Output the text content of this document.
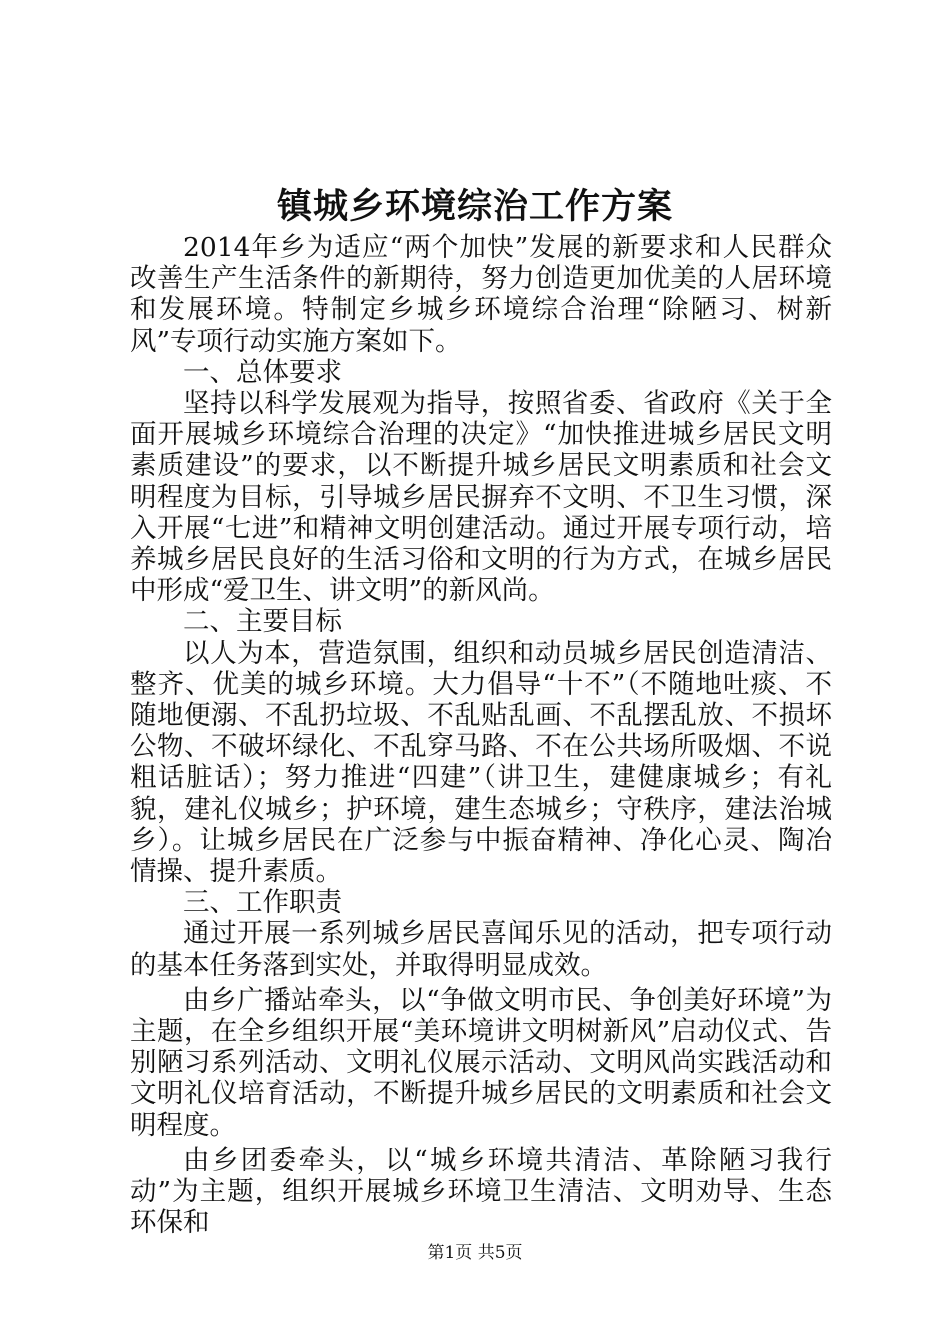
镇城乡环境综治工作方案

2014年乡为适应“两个加快”发展的新要求和人民群众改善生产生活条件的新期待，努力创造更加优美的人居环境和发展环境。特制定乡城乡环境综合治理“除陋习、树新风”专项行动实施方案如下。

一、总体要求

坚持以科学发展观为指导，按照省委、省政府《关于全面开展城乡环境综合治理的决定》“加快推进城乡居民文明素质建设”的要求，以不断提升城乡居民文明素质和社会文明程度为目标，引导城乡居民摒弃不文明、不卫生习惯，深入开展“七进”和精神文明创建活动。通过开展专项行动，培养城乡居民良好的生活习俗和文明的行为方式，在城乡居民中形成“爱卫生、讲文明”的新风尚。

二、主要目标

以人为本，营造氛围，组织和动员城乡居民创造清洁、整齐、优美的城乡环境。大力倡导“十不”（不随地吐痰、不随地便溺、不乱扔垃圾、不乱贴乱画、不乱摆乱放、不损坏公物、不破坏绿化、不乱穿马路、不在公共场所吸烟、不说粗话脏话）；努力推进“四建”（讲卫生，建健康城乡；有礼貌，建礼仪城乡；护环境，建生态城乡；守秩序，建法治城乡）。让城乡居民在广泛参与中振奋精神、净化心灵、陶冶情操、提升素质。

三、工作职责

通过开展一系列城乡居民喜闻乐见的活动，把专项行动的基本任务落到实处，并取得明显成效。

由乡广播站牵头，以“争做文明市民、争创美好环境”为主题，在全乡组织开展“美环境讲文明树新风”启动仪式、告别陋习系列活动、文明礼仪展示活动、文明风尚实践活动和文明礼仪培育活动，不断提升城乡居民的文明素质和社会文明程度。

由乡团委牵头，以“城乡环境共清洁、革除陋习我行动”为主题，组织开展城乡环境卫生清洁、文明劝导、生态环保和

第1页 共5页
